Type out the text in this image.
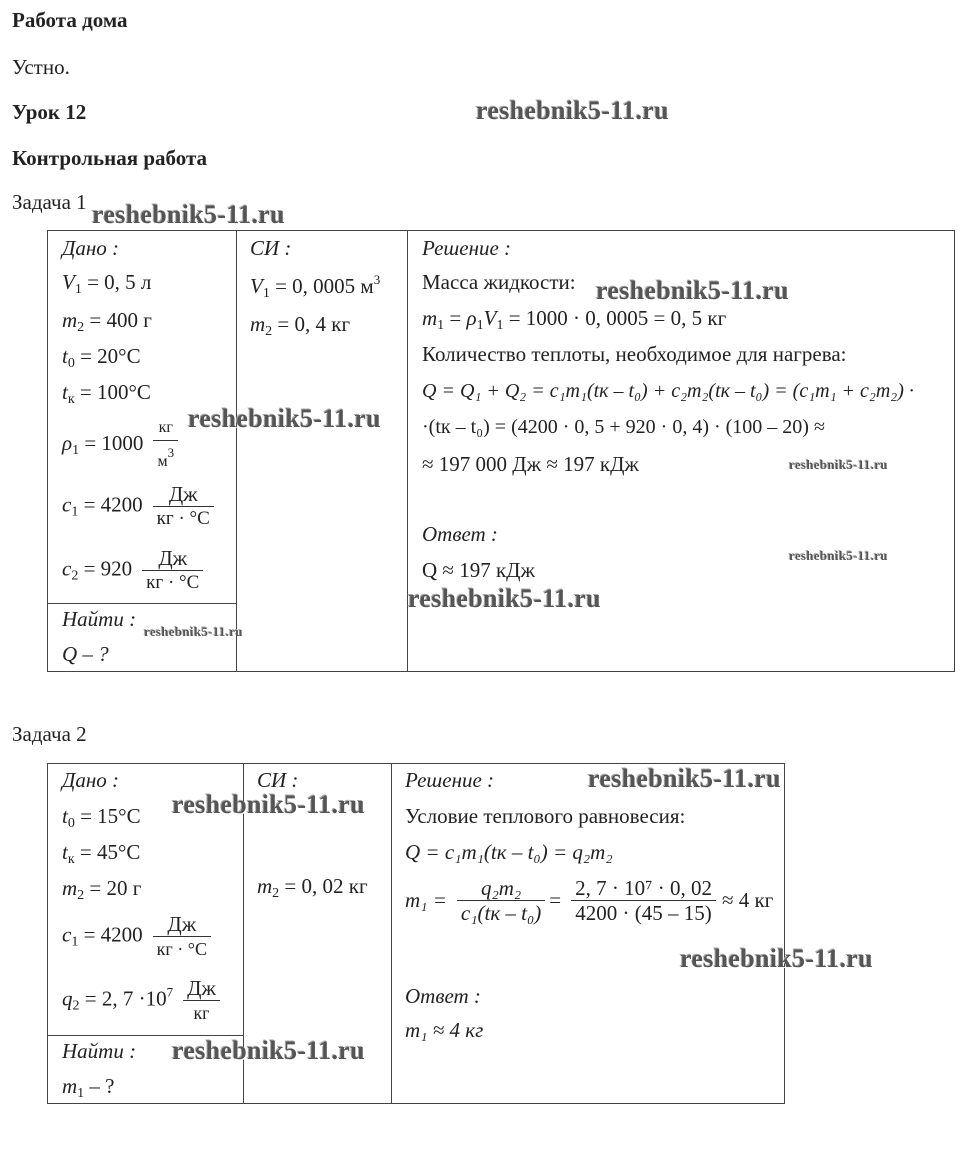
Работа дома
Устно.
Урок 12
Контрольная работа
Задача 1
Дано :
$V_1 = 0$, 5 л
$m_2 = 400$ г
$t_0 = 20^\circ C$
$t_к = 100^\circ C$
$\rho_1 = 1000 \frac{кг}{м^3}$
$c_1 = 4200 \frac{Дж}{кг \cdot ^\circ C}$
$c_2 = 920 \frac{Дж}{кг \cdot ^\circ C}$
Найти :
Q – ?
СИ :
$V_1 = 0$, 0005 $м^3$
$m_2 = 0$, 4 кг
Решение :
Масса жидкости:
$m_1 = \rho_1V_1 = 1000 \cdot 0$, 0005 = 0, 5 кг
Количество теплоты, необходимое для нагрева:
Q = Q₁ + Q₂ = c₁m₁(tк – t₀) + c₂m₂(tк – t₀) = (c₁m₁ + c₂m₂) ·
·(tк – t₀) = (4200 · 0, 5 + 920 · 0, 4) · (100 – 20) ≈
≈ 197 000 Дж ≈ 197 кДж
Ответ :
Q ≈ 197 кДж
Задача 2
Дано :
$t_0 = 15^\circ C$
$t_к = 45^\circ C$
$m_2 = 20$ г
$c_1 = 4200 \frac{Дж}{кг \cdot ^\circ C}$
$q_2 = 2$, $7 \cdot 10^7 \frac{Дж}{кг}$
Найти :
$m_1$ – ?
СИ :
$m_2 = 0$, 02 кг
Решение :
Условие теплового равновесия:
Q = c₁m₁(tк – t₀) = q₂m₂
$m_1 = \frac{\text{q₂m₂}}{\text{c₁(tк – t₀)}} = \frac{\text{2, 7 · 10⁷ · 0, 02}}{4200 \cdot (45 - 15)} \approx 4$ кг
Ответ :
m₁ ≈ 4 кг
reshebnik5-11.ru
reshebnik5-11.ru
reshebnik5-11.ru
reshebnik5-11.ru
reshebnik5-11.ru
reshebnik5-11.ru
reshebnik5-11.ru
reshebnik5-11.ru
reshebnik5-11.ru
reshebnik5-11.ru
reshebnik5-11.ru
reshebnik5-11.ru
